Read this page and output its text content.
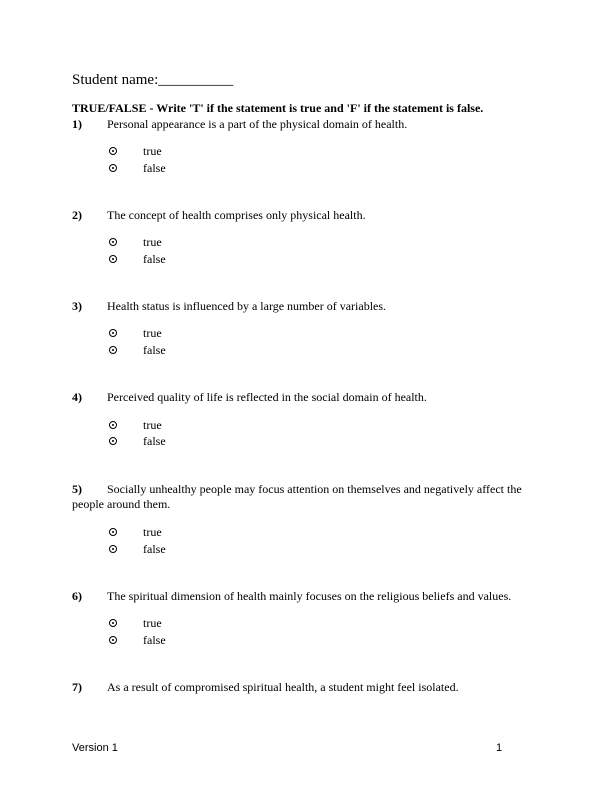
Student name:__________
TRUE/FALSE - Write 'T' if the statement is true and 'F' if the statement is false.
1) Personal appearance is a part of the physical domain of health.
true
false
2) The concept of health comprises only physical health.
true
false
3) Health status is influenced by a large number of variables.
true
false
4) Perceived quality of life is reflected in the social domain of health.
true
false
5) Socially unhealthy people may focus attention on themselves and negatively affect the people around them.
true
false
6) The spiritual dimension of health mainly focuses on the religious beliefs and values.
true
false
7) As a result of compromised spiritual health, a student might feel isolated.
Version 1	1
